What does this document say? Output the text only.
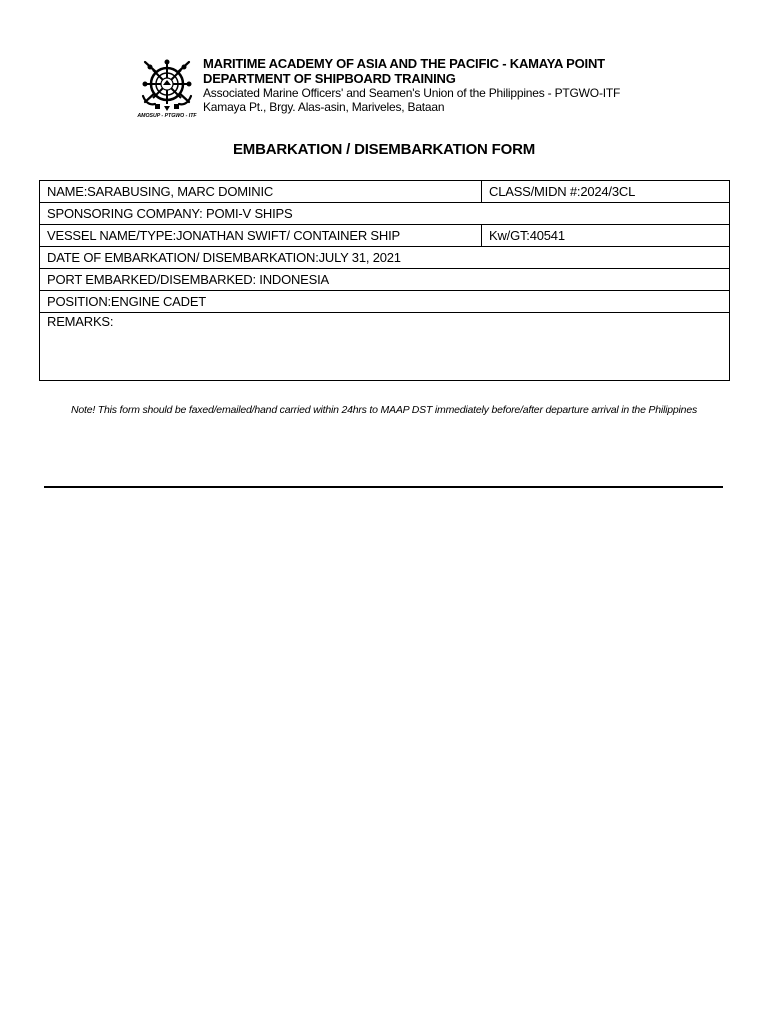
AMOSUP - PTGWO - ITF
MARITIME ACADEMY OF ASIA AND THE PACIFIC - KAMAYA POINT
DEPARTMENT OF SHIPBOARD TRAINING
Associated Marine Officers' and Seamen's Union of the Philippines - PTGWO-ITF
Kamaya Pt., Brgy. Alas-asin, Mariveles, Bataan
EMBARKATION / DISEMBARKATION FORM
NAME:SARABUSING, MARC DOMINIC	CLASS/MIDN #:2024/3CL
SPONSORING COMPANY: POMI-V SHIPS	
VESSEL NAME/TYPE:JONATHAN SWIFT/ CONTAINER SHIP	Kw/GT:40541
DATE OF EMBARKATION/ DISEMBARKATION:JULY 31, 2021	
PORT EMBARKED/DISEMBARKED: INDONESIA	
POSITION:ENGINE CADET	
REMARKS:	
Note! This form should be faxed/emailed/hand carried within 24hrs to MAAP DST immediately before/after departure arrival in the Philippines
